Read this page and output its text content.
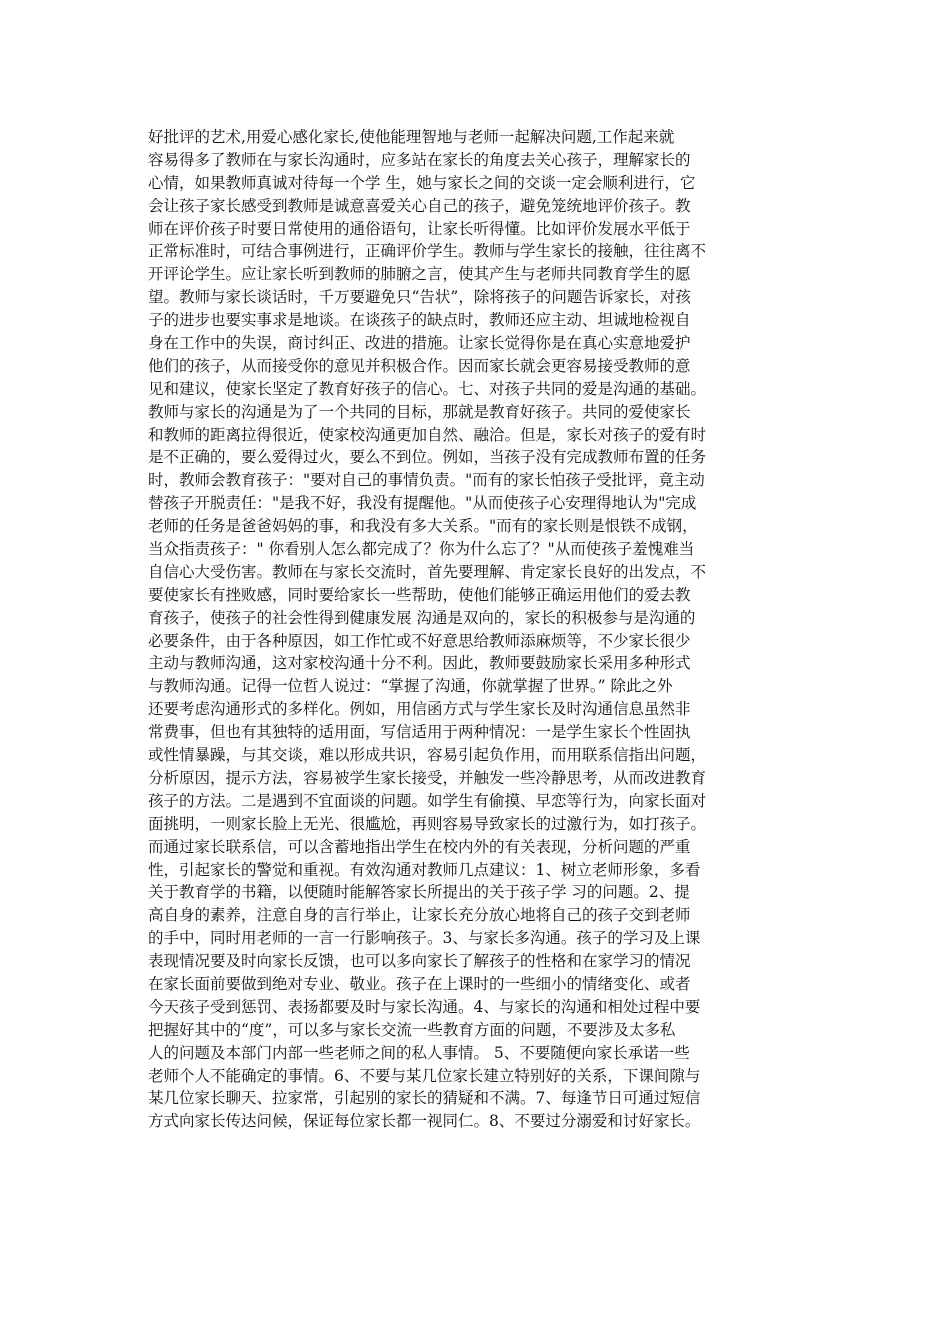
好批评的艺术,用爱心感化家长,使他能理智地与老师一起解决问题,工作起来就
容易得多了教师在与家长沟通时，应多站在家长的角度去关心孩子，理解家长的
心情，如果教师真诚对待每一个学 生，她与家长之间的交谈一定会顺利进行，它
会让孩子家长感受到教师是诚意喜爱关心自己的孩子，避免笼统地评价孩子。教
师在评价孩子时要日常使用的通俗语句，让家长听得懂。比如评价发展水平低于
正常标准时，可结合事例进行，正确评价学生。教师与学生家长的接触，往往离不
开评论学生。应让家长听到教师的肺腑之言，使其产生与老师共同教育学生的愿
望。教师与家长谈话时，千万要避免只“告状”，除将孩子的问题告诉家长，对孩
子的进步也要实事求是地谈。在谈孩子的缺点时，教师还应主动、坦诚地检视自
身在工作中的失误，商讨纠正、改进的措施。让家长觉得你是在真心实意地爱护
他们的孩子，从而接受你的意见并积极合作。因而家长就会更容易接受教师的意
见和建议，使家长坚定了教育好孩子的信心。七、对孩子共同的爱是沟通的基础。
教师与家长的沟通是为了一个共同的目标，那就是教育好孩子。共同的爱使家长
和教师的距离拉得很近，使家校沟通更加自然、融洽。但是，家长对孩子的爱有时
是不正确的，要么爱得过火，要么不到位。例如，当孩子没有完成教师布置的任务
时，教师会教育孩子："要对自己的事情负责。"而有的家长怕孩子受批评，竟主动
替孩子开脱责任："是我不好，我没有提醒他。"从而使孩子心安理得地认为"完成
老师的任务是爸爸妈妈的事，和我没有多大关系。"而有的家长则是恨铁不成钢，
当众指责孩子：" 你看别人怎么都完成了？你为什么忘了？"从而使孩子羞愧难当
自信心大受伤害。教师在与家长交流时，首先要理解、肯定家长良好的出发点，不
要使家长有挫败感，同时要给家长一些帮助，使他们能够正确运用他们的爱去教
育孩子，使孩子的社会性得到健康发展 沟通是双向的，家长的积极参与是沟通的
必要条件，由于各种原因，如工作忙或不好意思给教师添麻烦等，不少家长很少
主动与教师沟通，这对家校沟通十分不利。因此，教师要鼓励家长采用多种形式
与教师沟通。记得一位哲人说过：“掌握了沟通，你就掌握了世界。” 除此之外
还要考虑沟通形式的多样化。例如，用信函方式与学生家长及时沟通信息虽然非
常费事，但也有其独特的适用面，写信适用于两种情况：一是学生家长个性固执
或性情暴躁，与其交谈，难以形成共识，容易引起负作用，而用联系信指出问题，
分析原因，提示方法，容易被学生家长接受，并触发一些冷静思考，从而改进教育
孩子的方法。二是遇到不宜面谈的问题。如学生有偷摸、早恋等行为，向家长面对
面挑明，一则家长脸上无光、很尴尬，再则容易导致家长的过激行为，如打孩子。
而通过家长联系信，可以含蓄地指出学生在校内外的有关表现，分析问题的严重
性，引起家长的警觉和重视。有效沟通对教师几点建议：1、树立老师形象，多看
关于教育学的书籍，以便随时能解答家长所提出的关于孩子学 习的问题。2、提
高自身的素养，注意自身的言行举止，让家长充分放心地将自己的孩子交到老师
的手中，同时用老师的一言一行影响孩子。3、与家长多沟通。孩子的学习及上课
表现情况要及时向家长反馈，也可以多向家长了解孩子的性格和在家学习的情况
在家长面前要做到绝对专业、敬业。孩子在上课时的一些细小的情绪变化、或者
今天孩子受到惩罚、表扬都要及时与家长沟通。4、与家长的沟通和相处过程中要
把握好其中的“度”，可以多与家长交流一些教育方面的问题，不要涉及太多私
人的问题及本部门内部一些老师之间的私人事情。 5、不要随便向家长承诺一些
老师个人不能确定的事情。6、不要与某几位家长建立特别好的关系，下课间隙与
某几位家长聊天、拉家常，引起别的家长的猜疑和不满。7、每逢节日可通过短信
方式向家长传达问候，保证每位家长都一视同仁。8、不要过分溺爱和讨好家长。
